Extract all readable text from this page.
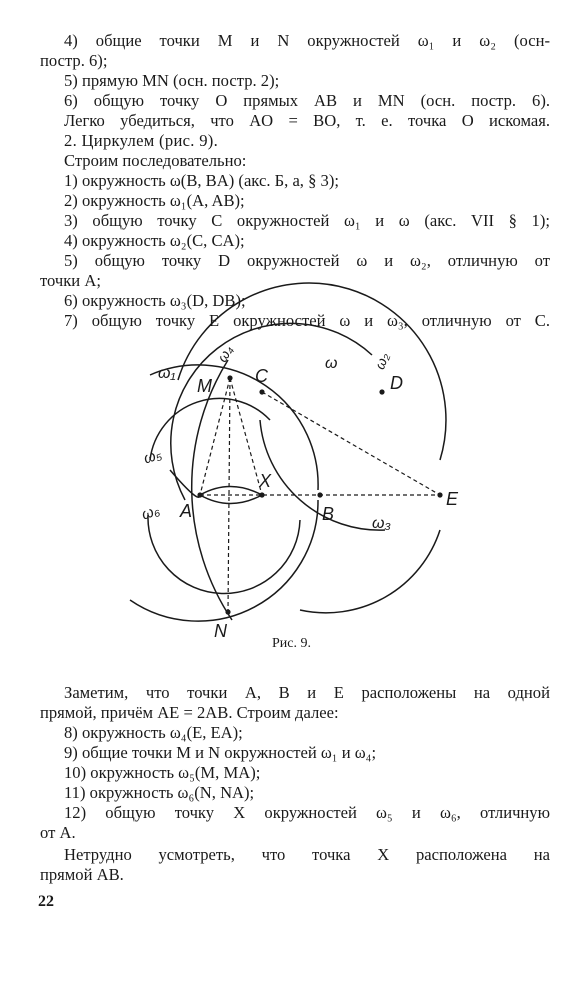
4) общие точки M и N окружностей ω₁ и ω₂ (осн-
постр. 6);
5) прямую MN (осн. постр. 2);
6) общую точку O прямых AB и MN (осн. постр. 6).
Легко убедиться, что AO = BO, т. е. точка O искомая.
2. Циркулем (рис. 9).
Строим последовательно:
1) окружность ω(B, BA) (акс. Б, а, § 3);
2) окружность ω₁(A, AB);
3) общую точку C окружностей ω₁ и ω (акс. VII § 1);
4) окружность ω₂(C, CA);
5) общую точку D окружностей ω и ω₂, отличную от
точки A;
6) окружность ω₃(D, DB);
7) общую точку E окружностей ω и ω₃, отличную от C.
M C	D
X
A	B
E
N
ω₁
ω₄	ω ω₂
ω₅
ω₆	ω₃
Рис. 9.
Заметим, что точки A, B и E расположены на одной
прямой, причём AE = 2AB. Строим далее:
8) окружность ω₄(E, EA);
9) общие точки M и N окружностей ω₁ и ω₄;
10) окружность ω₅(M, MA);
11) окружность ω₆(N, NA);
12) общую точку X окружностей ω₅ и ω₆, отличную
от A.
Нетрудно усмотреть, что точка X расположена на
прямой AB.
22
